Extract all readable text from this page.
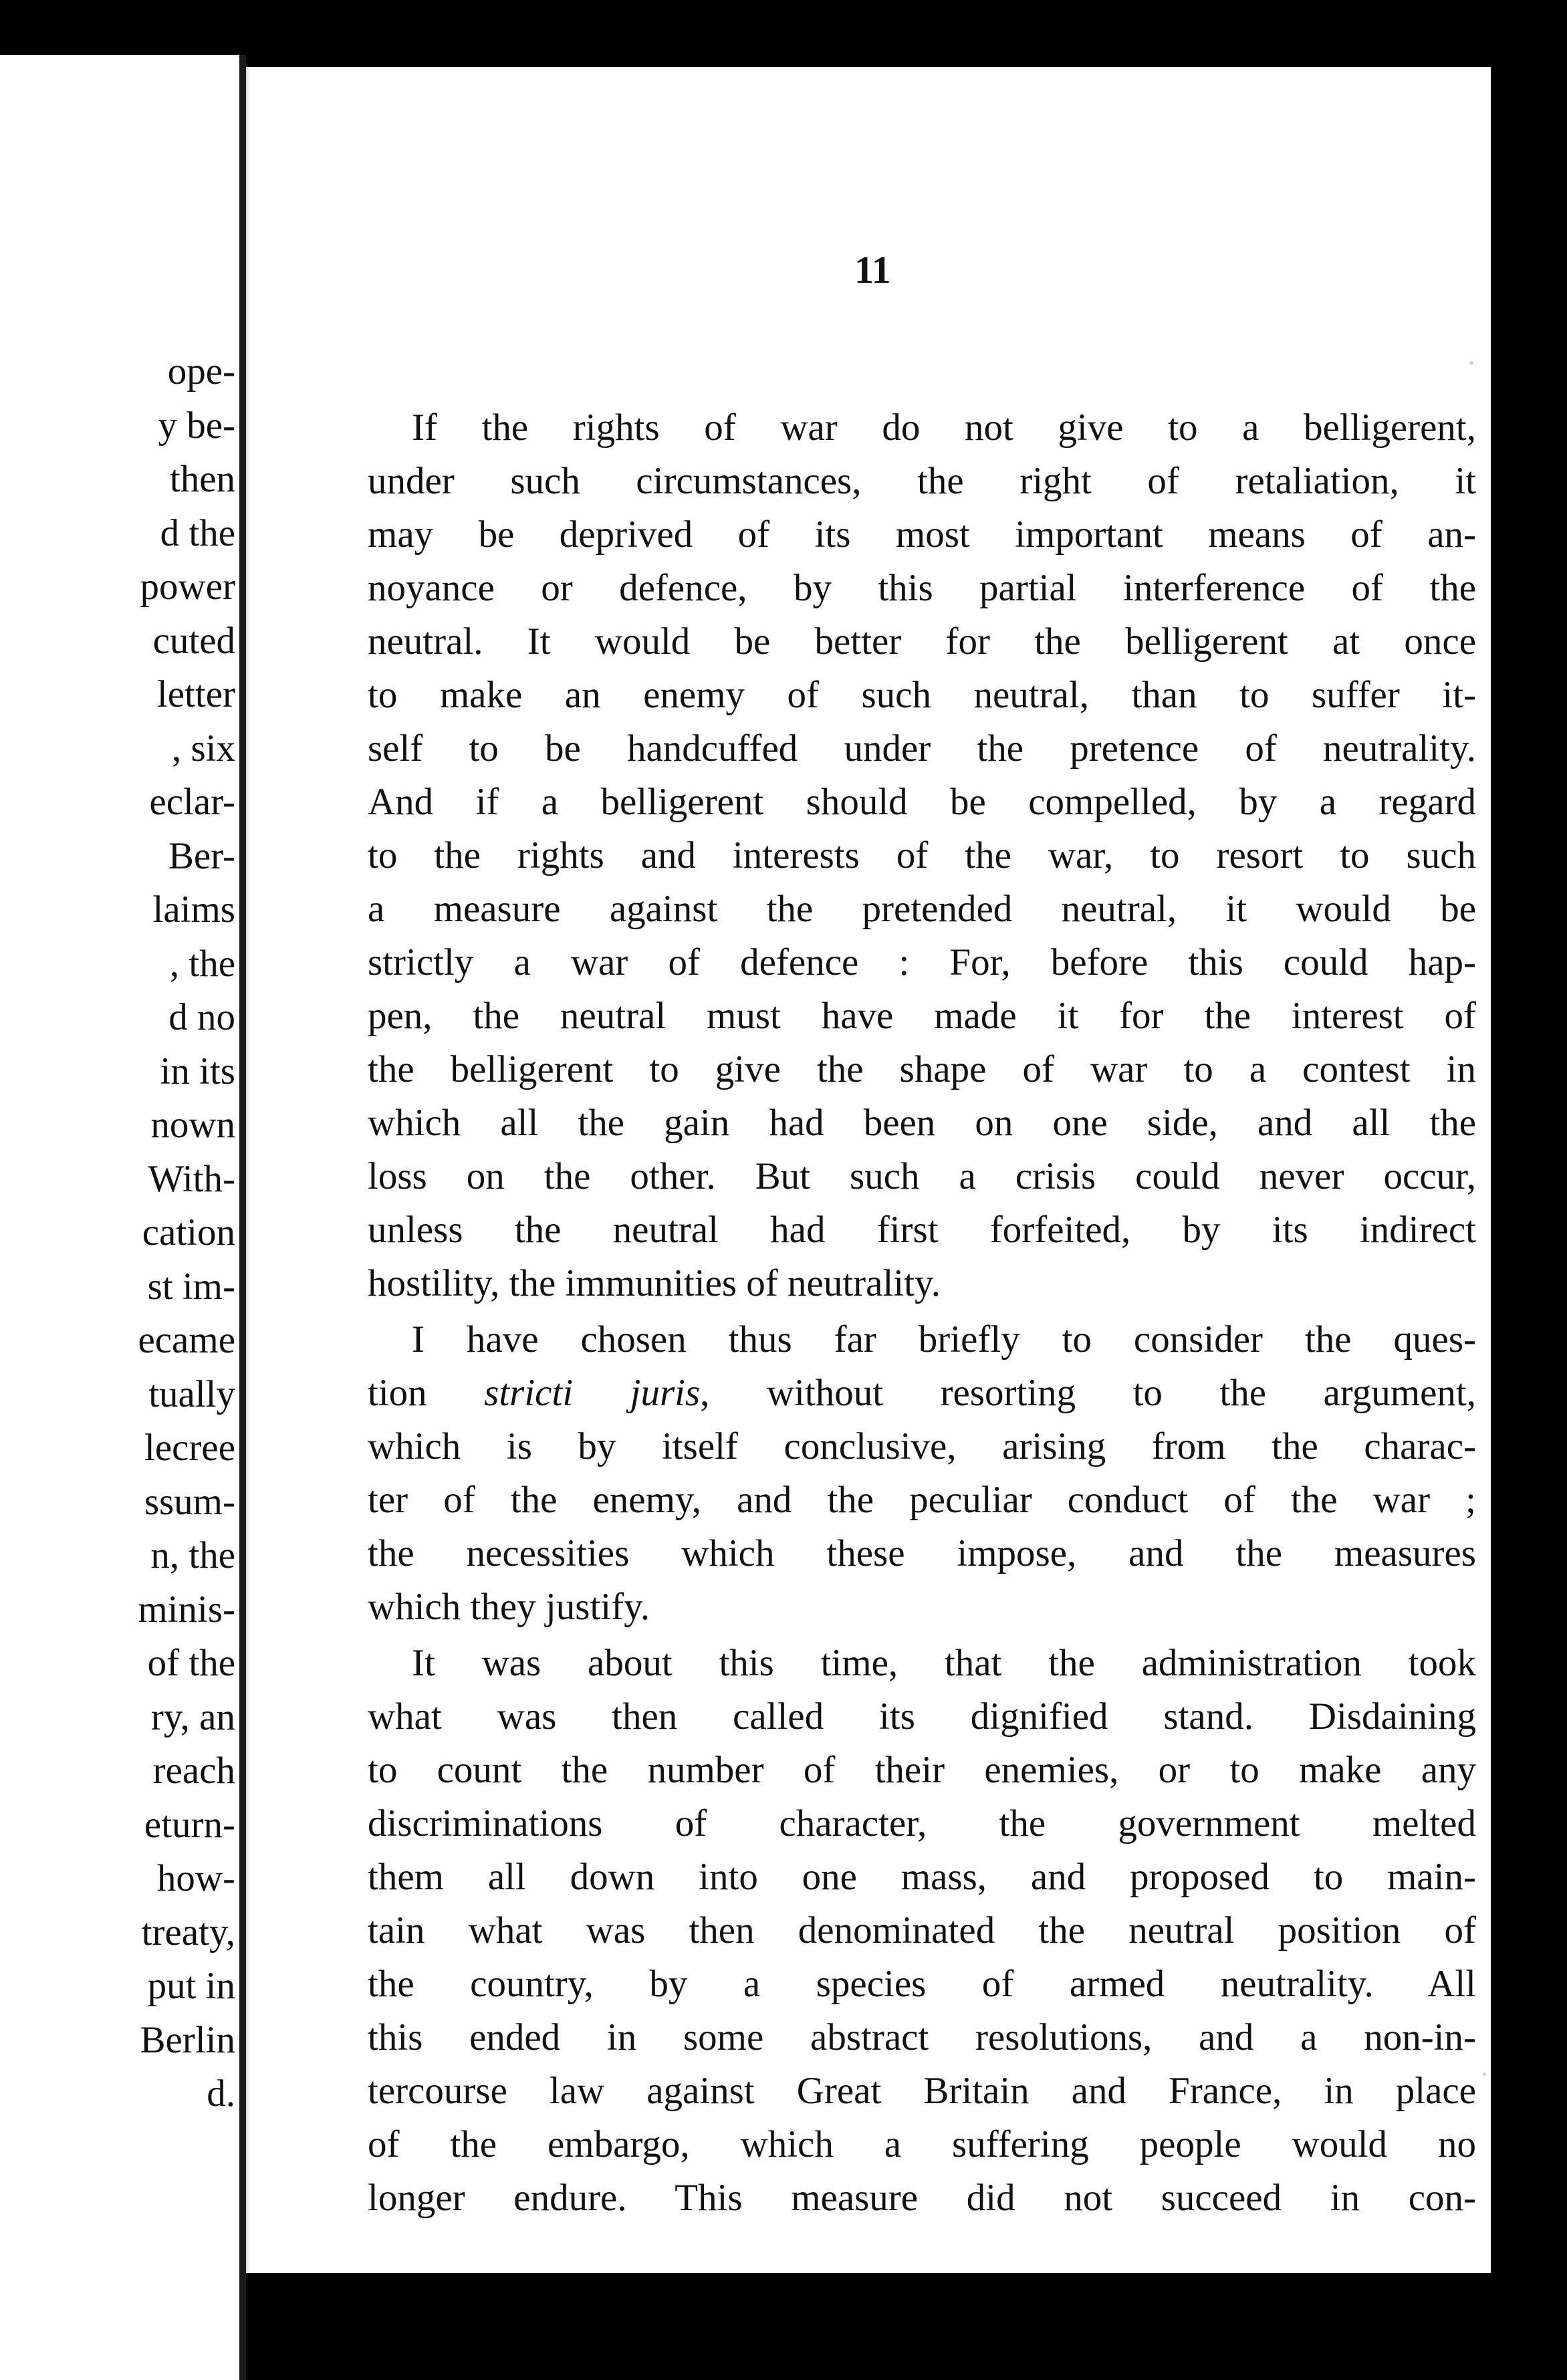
ope-
y be-
then
d the
power
cuted
letter
, six
eclar-
Ber-
laims
, the
d no
in its
nown
With-
cation
st im-
ecame
tually
lecree
ssum-
n, the
minis-
of the
ry, an
reach
eturn-
how-
treaty,
put in
Berlin
d.
11
If the rights of war do not give to a belligerent,
under such circumstances, the right of retaliation, it
may be deprived of its most important means of an-
noyance or defence, by this partial interference of the
neutral. It would be better for the belligerent at once
to make an enemy of such neutral, than to suffer it-
self to be handcuffed under the pretence of neutrality.
And if a belligerent should be compelled, by a regard
to the rights and interests of the war, to resort to such
a measure against the pretended neutral, it would be
strictly a war of defence : For, before this could hap-
pen, the neutral must have made it for the interest of
the belligerent to give the shape of war to a contest in
which all the gain had been on one side, and all the
loss on the other. But such a crisis could never occur,
unless the neutral had first forfeited, by its indirect
hostility, the immunities of neutrality.
I have chosen thus far briefly to consider the ques-
tion stricti juris, without resorting to the argument,
which is by itself conclusive, arising from the charac-
ter of the enemy, and the peculiar conduct of the war ;
the necessities which these impose, and the measures
which they justify.
It was about this time, that the administration took
what was then called its dignified stand. Disdaining
to count the number of their enemies, or to make any
discriminations of character, the government melted
them all down into one mass, and proposed to main-
tain what was then denominated the neutral position of
the country, by a species of armed neutrality. All
this ended in some abstract resolutions, and a non-in-
tercourse law against Great Britain and France, in place
of the embargo, which a suffering people would no
longer endure. This measure did not succeed in con-
